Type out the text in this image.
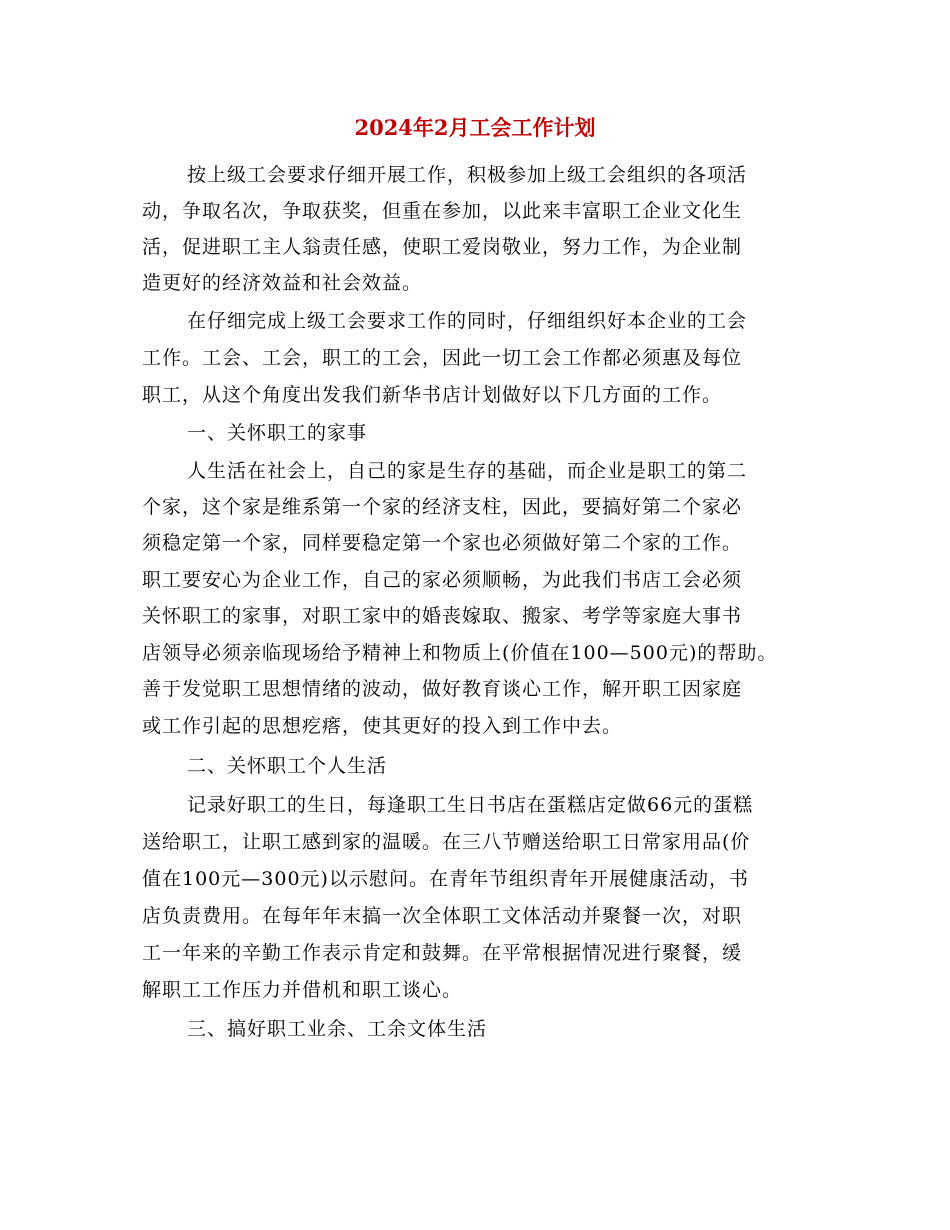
2024年2月工会工作计划
按上级工会要求仔细开展工作，积极参加上级工会组织的各项活
动，争取名次，争取获奖，但重在参加，以此来丰富职工企业文化生
活，促进职工主人翁责任感，使职工爱岗敬业，努力工作，为企业制
造更好的经济效益和社会效益。
在仔细完成上级工会要求工作的同时，仔细组织好本企业的工会
工作。工会、工会，职工的工会，因此一切工会工作都必须惠及每位
职工，从这个角度出发我们新华书店计划做好以下几方面的工作。
一、关怀职工的家事
人生活在社会上，自己的家是生存的基础，而企业是职工的第二
个家，这个家是维系第一个家的经济支柱，因此，要搞好第二个家必
须稳定第一个家，同样要稳定第一个家也必须做好第二个家的工作。
职工要安心为企业工作，自己的家必须顺畅，为此我们书店工会必须
关怀职工的家事，对职工家中的婚丧嫁取、搬家、考学等家庭大事书
店领导必须亲临现场给予精神上和物质上(价值在100—500元)的帮助。
善于发觉职工思想情绪的波动，做好教育谈心工作，解开职工因家庭
或工作引起的思想疙瘩，使其更好的投入到工作中去。
二、关怀职工个人生活
记录好职工的生日，每逢职工生日书店在蛋糕店定做66元的蛋糕
送给职工，让职工感到家的温暖。在三八节赠送给职工日常家用品(价
值在100元—300元)以示慰问。在青年节组织青年开展健康活动，书
店负责费用。在每年年末搞一次全体职工文体活动并聚餐一次，对职
工一年来的辛勤工作表示肯定和鼓舞。在平常根据情况进行聚餐，缓
解职工工作压力并借机和职工谈心。
三、搞好职工业余、工余文体生活
